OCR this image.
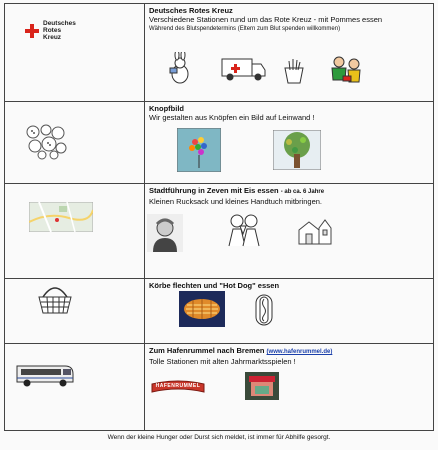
Deutsches
Rotes
Kreuz
Deutsches Rotes Kreuz
Verschiedene Stationen rund um das Rote Kreuz - mit Pommes essen
Während des Blutspendetermins (Eltern zum Blut spenden willkommen)
Knopfbild
Wir gestalten aus Knöpfen ein Bild auf Leinwand !
Stadtführung in Zeven mit Eis essen - ab ca. 6 Jahre
Kleinen Rucksack und kleines Handtuch mitbringen.
Körbe flechten und "Hot Dog" essen
Zum Hafenrummel nach Bremen (www.hafenrummel.de)
Tolle Stationen mit alten Jahrmarktsspielen !
HAFENRUMMEL
Wenn der kleine Hunger oder Durst sich meldet, ist immer für Abhilfe gesorgt.
